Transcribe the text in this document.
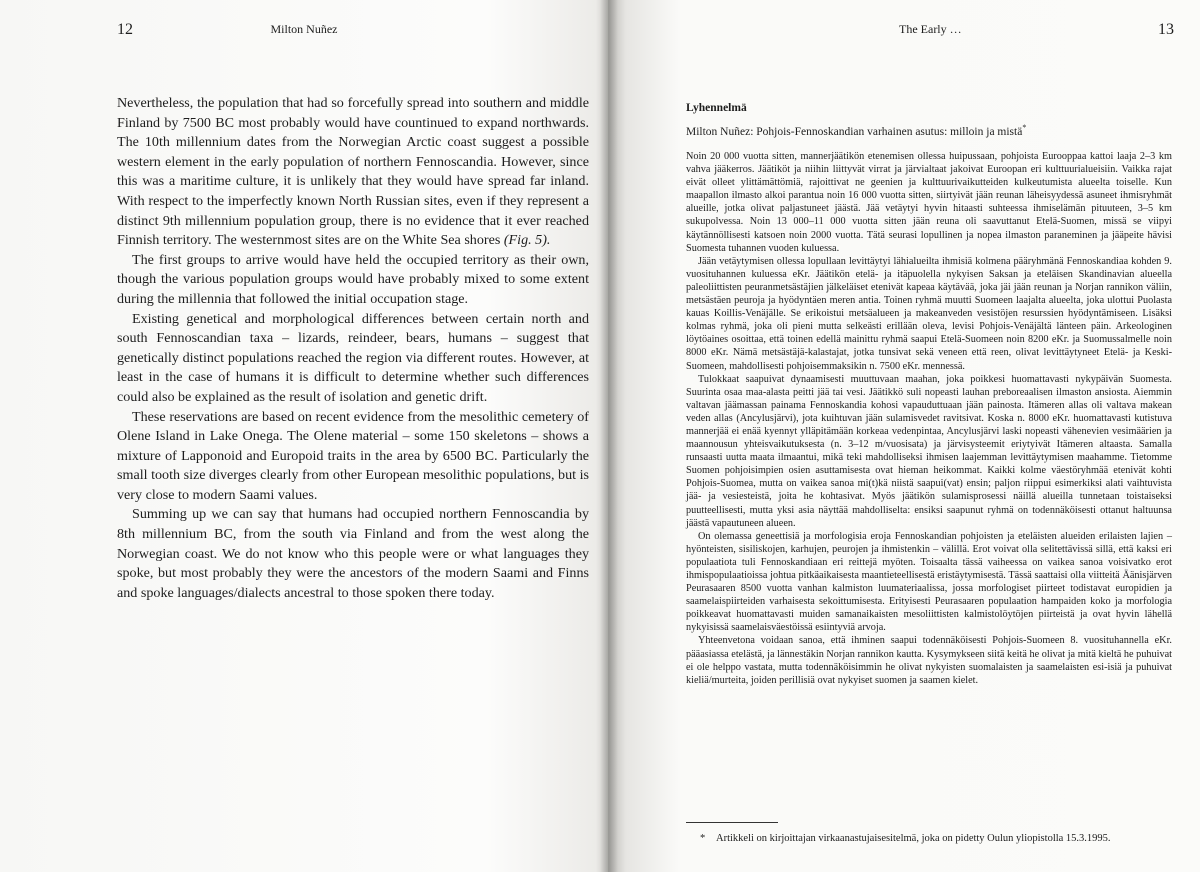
12	Milton Nuñez

Nevertheless, the population that had so forcefully spread into southern and middle Finland by 7500 BC most probably would have countinued to expand northwards. The 10th millennium dates from the Norwegian Arctic coast suggest a possible western element in the early population of northern Fennoscandia. However, since this was a maritime culture, it is unlikely that they would have spread far inland. With respect to the imperfectly known North Russian sites, even if they represent a distinct 9th millennium population group, there is no evidence that it ever reached Finnish territory. The westernmost sites are on the White Sea shores (Fig. 5).

The first groups to arrive would have held the occupied territory as their own, though the various population groups would have probably mixed to some extent during the millennia that followed the initial occupation stage.

Existing genetical and morphological differences between certain north and south Fennoscandian taxa – lizards, reindeer, bears, humans – suggest that genetically distinct populations reached the region via different routes. However, at least in the case of humans it is difficult to determine whether such differences could also be explained as the result of isolation and genetic drift.

These reservations are based on recent evidence from the mesolithic cemetery of Olene Island in Lake Onega. The Olene material – some 150 skeletons – shows a mixture of Lapponoid and Europoid traits in the area by 6500 BC. Particularly the small tooth size diverges clearly from other European mesolithic populations, but is very close to modern Saami values.

Summing up we can say that humans had occupied northern Fennoscandia by 8th millennium BC, from the south via Finland and from the west along the Norwegian coast. We do not know who this people were or what languages they spoke, but most probably they were the ancestors of the modern Saami and Finns and spoke languages/dialects ancestral to those spoken there today.

The Early …	13
Lyhennelmä
Milton Nuñez: Pohjois-Fennoskandian varhainen asutus: milloin ja mistä*

Noin 20 000 vuotta sitten, mannerjäätikön etenemisen ollessa huipussaan, pohjoista Eurooppaa kattoi laaja 2–3 km vahva jääkerros. Jäätiköt ja niihin liittyvät virrat ja järvialtaat jakoivat Euroopan eri kulttuurialueisiin. Vaikka rajat eivät olleet ylittämättömiä, rajoittivat ne geenien ja kulttuurivaikutteiden kulkeutumista alueelta toiselle. Kun maapallon ilmasto alkoi parantua noin 16 000 vuotta sitten, siirtyivät jään reunan läheisyydessä asuneet ihmisryhmät alueille, jotka olivat paljastuneet jäästä. Jää vetäytyi hyvin hitaasti suhteessa ihmiselämän pituuteen, 3–5 km sukupolvessa. Noin 13 000–11 000 vuotta sitten jään reuna oli saavuttanut Etelä-Suomen, missä se viipyi käytännöllisesti katsoen noin 2000 vuotta. Tätä seurasi lopullinen ja nopea ilmaston paraneminen ja jääpeite hävisi Suomesta tuhannen vuoden kuluessa.

Jään vetäytymisen ollessa lopullaan levittäytyi lähialueilta ihmisiä kolmena pääryhmänä Fennoskandiaa kohden 9. vuosituhannen kuluessa eKr. Jäätikön etelä- ja itäpuolella nykyisen Saksan ja eteläisen Skandinavian alueella paleoliittisten peuranmetsästäjien jälkeläiset etenivät kapeaa käytävää, joka jäi jään reunan ja Norjan rannikon väliin, metsästäen peuroja ja hyödyntäen meren antia. Toinen ryhmä muutti Suomeen laajalta alueelta, joka ulottui Puolasta kauas Koillis-Venäjälle. Se erikoistui metsäalueen ja makeanveden vesistöjen resurssien hyödyntämiseen. Lisäksi kolmas ryhmä, joka oli pieni mutta selkeästi erillään oleva, levisi Pohjois-Venäjältä länteen päin. Arkeologinen löytöaines osoittaa, että toinen edellä mainittu ryhmä saapui Etelä-Suomeen noin 8200 eKr. ja Suomussalmelle noin 8000 eKr. Nämä metsästäjä-kalastajat, jotka tunsivat sekä veneen että reen, olivat levittäytyneet Etelä- ja Keski-Suomeen, mahdollisesti pohjoisemmaksikin n. 7500 eKr. mennessä.

Tulokkaat saapuivat dynaamisesti muuttuvaan maahan, joka poikkesi huomattavasti nykypäivän Suomesta. Suurinta osaa maa-alasta peitti jää tai vesi. Jäätikkö suli nopeasti lauhan preboreaalisen ilmaston ansiosta. Aiemmin valtavan jäämassan painama Fennoskandia kohosi vapauduttuaan jään painosta. Itämeren allas oli valtava makean veden allas (Ancylusjärvi), jota kuihtuvan jään sulamisvedet ravitsivat. Koska n. 8000 eKr. huomattavasti kutistuva mannerjää ei enää kyennyt ylläpitämään korkeaa vedenpintaa, Ancylusjärvi laski nopeasti vähenevien vesimäärien ja maannousun yhteisvaikutuksesta (n. 3–12 m/vuosisata) ja järvisysteemit eriytyivät Itämeren altaasta. Samalla runsaasti uutta maata ilmaantui, mikä teki mahdolliseksi ihmisen laajemman levittäytymisen maahamme. Tietomme Suomen pohjoisimpien osien asuttamisesta ovat hieman heikommat. Kaikki kolme väestöryhmää etenivät kohti Pohjois-Suomea, mutta on vaikea sanoa mi(t)kä niistä saapui(vat) ensin; paljon riippui esimerkiksi alati vaihtuvista jää- ja vesiesteistä, joita he kohtasivat. Myös jäätikön sulamisprosessi näillä alueilla tunnetaan toistaiseksi puutteellisesti, mutta yksi asia näyttää mahdolliselta: ensiksi saapunut ryhmä on todennäköisesti ottanut haltuunsa jäästä vapautuneen alueen.

On olemassa geneettisiä ja morfologisia eroja Fennoskandian pohjoisten ja eteläisten alueiden erilaisten lajien – hyönteisten, sisiliskojen, karhujen, peurojen ja ihmistenkin – välillä. Erot voivat olla selitettävissä sillä, että kaksi eri populaatiota tuli Fennoskandiaan eri reittejä myöten. Toisaalta tässä vaiheessa on vaikea sanoa voisivatko erot ihmispopulaatioissa johtua pitkäaikaisesta maantieteellisestä eristäytymisestä. Tässä saattaisi olla viitteitä Äänisjärven Peurasaaren 8500 vuotta vanhan kalmiston luumateriaalissa, jossa morfologiset piirteet todistavat europidien ja saamelaispiirteiden varhaisesta sekoittumisesta. Erityisesti Peurasaaren populaation hampaiden koko ja morfologia poikkeavat huomattavasti muiden samanaikaisten mesoliittisten kalmistolöytöjen piirteistä ja ovat hyvin lähellä nykyisissä saamelaisväestöissä esiintyviä arvoja.

Yhteenvetona voidaan sanoa, että ihminen saapui todennäköisesti Pohjois-Suomeen 8. vuosituhannella eKr. pääasiassa etelästä, ja lännestäkin Norjan rannikon kautta. Kysymykseen siitä keitä he olivat ja mitä kieltä he puhuivat ei ole helppo vastata, mutta todennäköisimmin he olivat nykyisten suomalaisten ja saamelaisten esi-isiä ja puhuivat kieliä/murteita, joiden perillisiä ovat nykyiset suomen ja saamen kielet.

* Artikkeli on kirjoittajan virkaanastujaisesitelmä, joka on pidetty Oulun yliopistolla 15.3.1995.
